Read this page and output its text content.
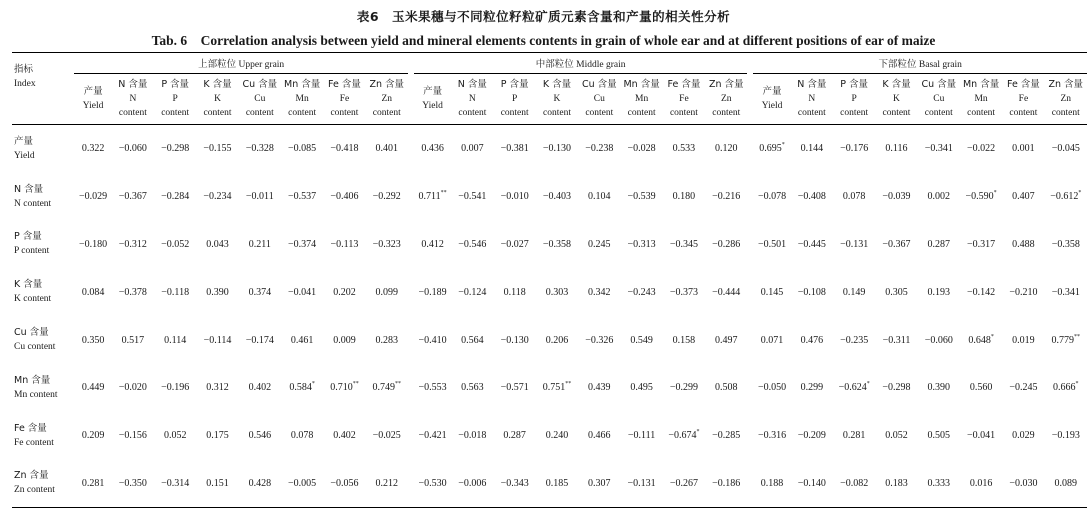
表6　玉米果穗与不同粒位籽粒矿质元素含量和产量的相关性分析
Tab. 6　Correlation analysis between yield and mineral elements contents in grain of whole ear and at different positions of ear of maize

指标
Index	上部粒位 Upper grain									中部粒位 Middle grain									下部粒位 Basal grain							
	产量
Yield	N 含量
N
content	P 含量
P
content	K 含量
K
content	Cu 含量
Cu
content	Mn 含量
Mn
content	Fe 含量
Fe
content	Zn 含量
Zn
content		产量
Yield	N 含量
N
content	P 含量
P
content	K 含量
K
content	Cu 含量
Cu
content	Mn 含量
Mn
content	Fe 含量
Fe
content	Zn 含量
Zn
content		产量
Yield	N 含量
N
content	P 含量
P
content	K 含量
K
content	Cu 含量
Cu
content	Mn 含量
Mn
content	Fe 含量
Fe
content	Zn 含量
Zn
content
产量
Yield	0.322	−0.060	−0.298	−0.155	−0.328	−0.085	−0.418	0.401		0.436	0.007	−0.381	−0.130	−0.238	−0.028	0.533	0.120		0.695*	0.144	−0.176	0.116	−0.341	−0.022	0.001	−0.045
N 含量
N content	−0.029	−0.367	−0.284	−0.234	−0.011	−0.537	−0.406	−0.292		0.711**	−0.541	−0.010	−0.403	0.104	−0.539	0.180	−0.216		−0.078	−0.408	0.078	−0.039	0.002	−0.590*	0.407	−0.612*
P 含量
P content	−0.180	−0.312	−0.052	0.043	0.211	−0.374	−0.113	−0.323		0.412	−0.546	−0.027	−0.358	0.245	−0.313	−0.345	−0.286		−0.501	−0.445	−0.131	−0.367	0.287	−0.317	0.488	−0.358
K 含量
K content	0.084	−0.378	−0.118	0.390	0.374	−0.041	0.202	0.099		−0.189	−0.124	0.118	0.303	0.342	−0.243	−0.373	−0.444		0.145	−0.108	0.149	0.305	0.193	−0.142	−0.210	−0.341
Cu 含量
Cu content	0.350	0.517	0.114	−0.114	−0.174	0.461	0.009	0.283		−0.410	0.564	−0.130	0.206	−0.326	0.549	0.158	0.497		0.071	0.476	−0.235	−0.311	−0.060	0.648*	0.019	0.779**
Mn 含量
Mn content	0.449	−0.020	−0.196	0.312	0.402	0.584*	0.710**	0.749**		−0.553	0.563	−0.571	0.751**	0.439	0.495	−0.299	0.508		−0.050	0.299	−0.624*	−0.298	0.390	0.560	−0.245	0.666*
Fe 含量
Fe content	0.209	−0.156	0.052	0.175	0.546	0.078	0.402	−0.025		−0.421	−0.018	0.287	0.240	0.466	−0.111	−0.674*	−0.285		−0.316	−0.209	0.281	0.052	0.505	−0.041	0.029	−0.193
Zn 含量
Zn content	0.281	−0.350	−0.314	0.151	0.428	−0.005	−0.056	0.212		−0.530	−0.006	−0.343	0.185	0.307	−0.131	−0.267	−0.186		0.188	−0.140	−0.082	0.183	0.333	0.016	−0.030	0.089
